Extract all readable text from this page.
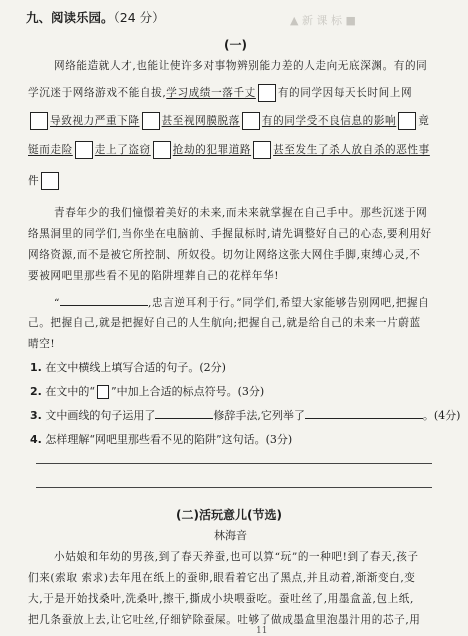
九、阅读乐园。（24 分）	▲ 新 课 标 ■
(一)
网络能造就人才,也能让使许多对事物辨别能力差的人走向无底深渊。有的同
学沉迷于网络游戏不能自拔,学习成绩一落千丈 有的同学因每天长时间上网
导致视力严重下降 甚至视网膜脱落 有的同学受不良信息的影响 竟
铤而走险 走上了盗窃 抢劫的犯罪道路 甚至发生了杀人放自杀的恶性事
件
青春年少的我们憧憬着美好的未来,而未来就掌握在自己手中。那些沉迷于网
络黑洞里的同学们,当你坐在电脑前、手握鼠标时,请先调整好自己的心态,要利用好
网络资源,而不是被它所控制、所奴役。切勿让网络这张大网住手脚,束缚心灵,不
要被网吧里那些看不见的陷阱埋葬自己的花样年华!
“	,忠言逆耳利于行。”同学们,希望大家能够告别网吧,把握自
己。把握自己,就是把握好自己的人生航向;把握自己,就是给自己的未来一片蔚蓝
晴空!
1. 在文中横线上填写合适的句子。(2分)
2. 在文中的“ ”中加上合适的标点符号。(3分)
3. 文中画线的句子运用了	修辞手法,它列举了	。(4分)
4. 怎样理解“网吧里那些看不见的陷阱”这句话。(3分)
(二)活玩意儿(节选)
林海音
小姑娘和年幼的男孩,到了春天养蚕,也可以算“玩”的一种吧!到了春天,孩子
们来(索取 索求)去年甩在纸上的蚕卵,眼看着它出了黑点,并且动着,渐渐变白,变
大,于是开始找桑叶,洗桑叶,擦干,撕成小块喂蚕吃。蚕吐丝了,用墨盒盖,包上纸,
把几条蚕放上去,让它吐丝,仔细铲除蚕屎。吐够了做成墨盒里泡墨汁用的芯子,用
11
